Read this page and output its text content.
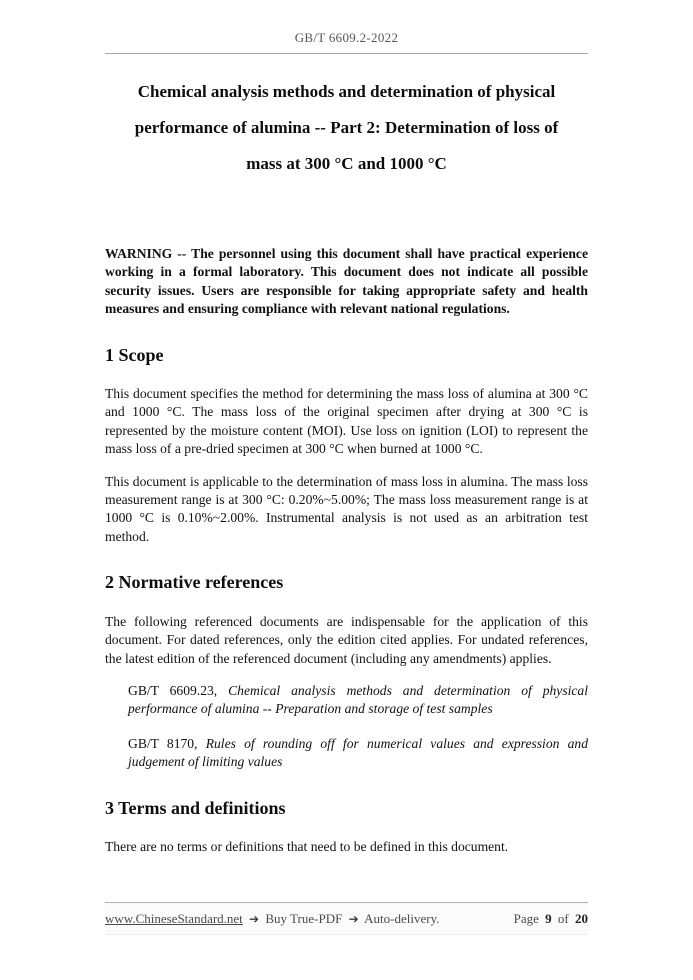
GB/T 6609.2-2022
Chemical analysis methods and determination of physical
performance of alumina -- Part 2: Determination of loss of
mass at 300 °C and 1000 °C

WARNING -- The personnel using this document shall have practical experience working in a formal laboratory. This document does not indicate all possible security issues. Users are responsible for taking appropriate safety and health measures and ensuring compliance with relevant national regulations.

1 Scope

This document specifies the method for determining the mass loss of alumina at 300 °C and 1000 °C. The mass loss of the original specimen after drying at 300 °C is represented by the moisture content (MOI). Use loss on ignition (LOI) to represent the mass loss of a pre-dried specimen at 300 °C when burned at 1000 °C.

This document is applicable to the determination of mass loss in alumina. The mass loss measurement range is at 300 °C: 0.20%~5.00%; The mass loss measurement range is at 1000 °C is 0.10%~2.00%. Instrumental analysis is not used as an arbitration test method.

2 Normative references

The following referenced documents are indispensable for the application of this document. For dated references, only the edition cited applies. For undated references, the latest edition of the referenced document (including any amendments) applies.

GB/T 6609.23, Chemical analysis methods and determination of physical performance of alumina -- Preparation and storage of test samples

GB/T 8170, Rules of rounding off for numerical values and expression and judgement of limiting values

3 Terms and definitions

There are no terms or definitions that need to be defined in this document.

www.ChineseStandard.net ➔ Buy True-PDF ➔ Auto-delivery.	Page 9 of 20
